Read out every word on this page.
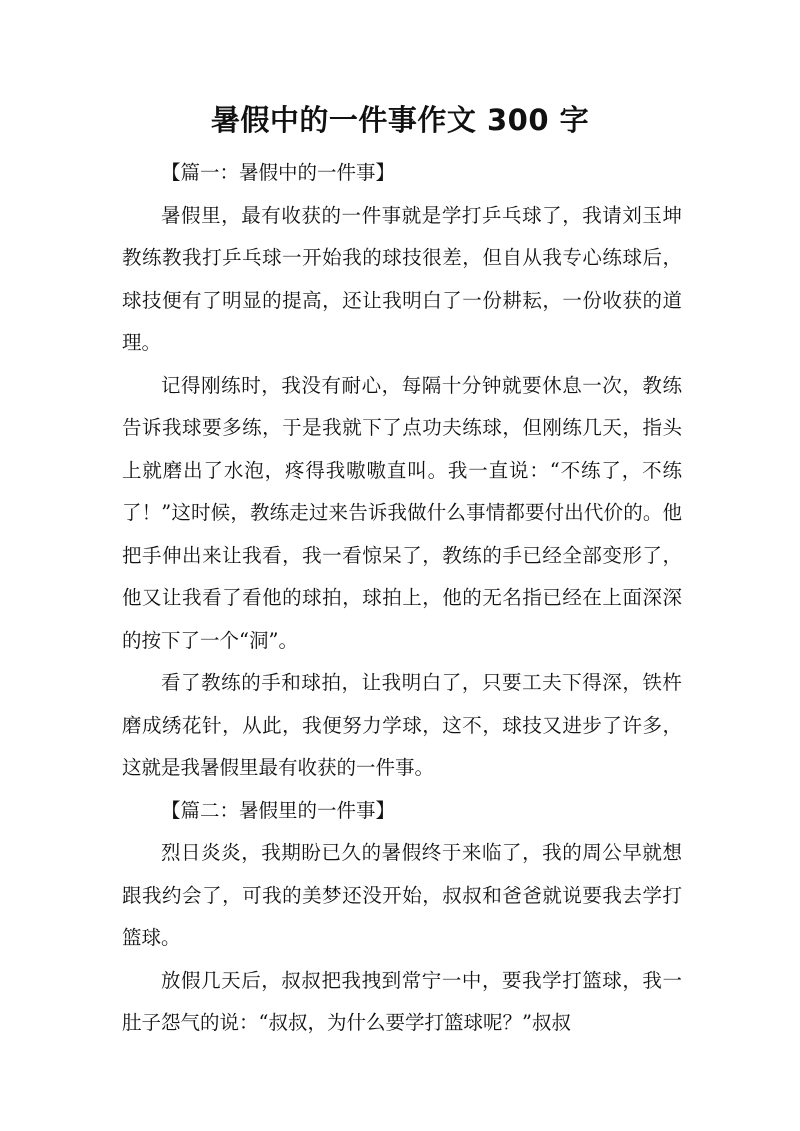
暑假中的一件事作文 300 字

【篇一：暑假中的一件事】

暑假里，最有收获的一件事就是学打乒乓球了，我请刘玉坤教练教我打乒乓球一开始我的球技很差，但自从我专心练球后，球技便有了明显的提高，还让我明白了一份耕耘，一份收获的道理。

记得刚练时，我没有耐心，每隔十分钟就要休息一次，教练告诉我球要多练，于是我就下了点功夫练球，但刚练几天，指头上就磨出了水泡，疼得我嗷嗷直叫。我一直说：“不练了，不练了！”这时候，教练走过来告诉我做什么事情都要付出代价的。他把手伸出来让我看，我一看惊呆了，教练的手已经全部变形了，他又让我看了看他的球拍，球拍上，他的无名指已经在上面深深的按下了一个“洞”。

看了教练的手和球拍，让我明白了，只要工夫下得深，铁杵磨成绣花针，从此，我便努力学球，这不，球技又进步了许多，这就是我暑假里最有收获的一件事。

【篇二：暑假里的一件事】

烈日炎炎，我期盼已久的暑假终于来临了，我的周公早就想跟我约会了，可我的美梦还没开始，叔叔和爸爸就说要我去学打篮球。

放假几天后，叔叔把我拽到常宁一中，要我学打篮球，我一肚子怨气的说：“叔叔，为什么要学打篮球呢？”叔叔
